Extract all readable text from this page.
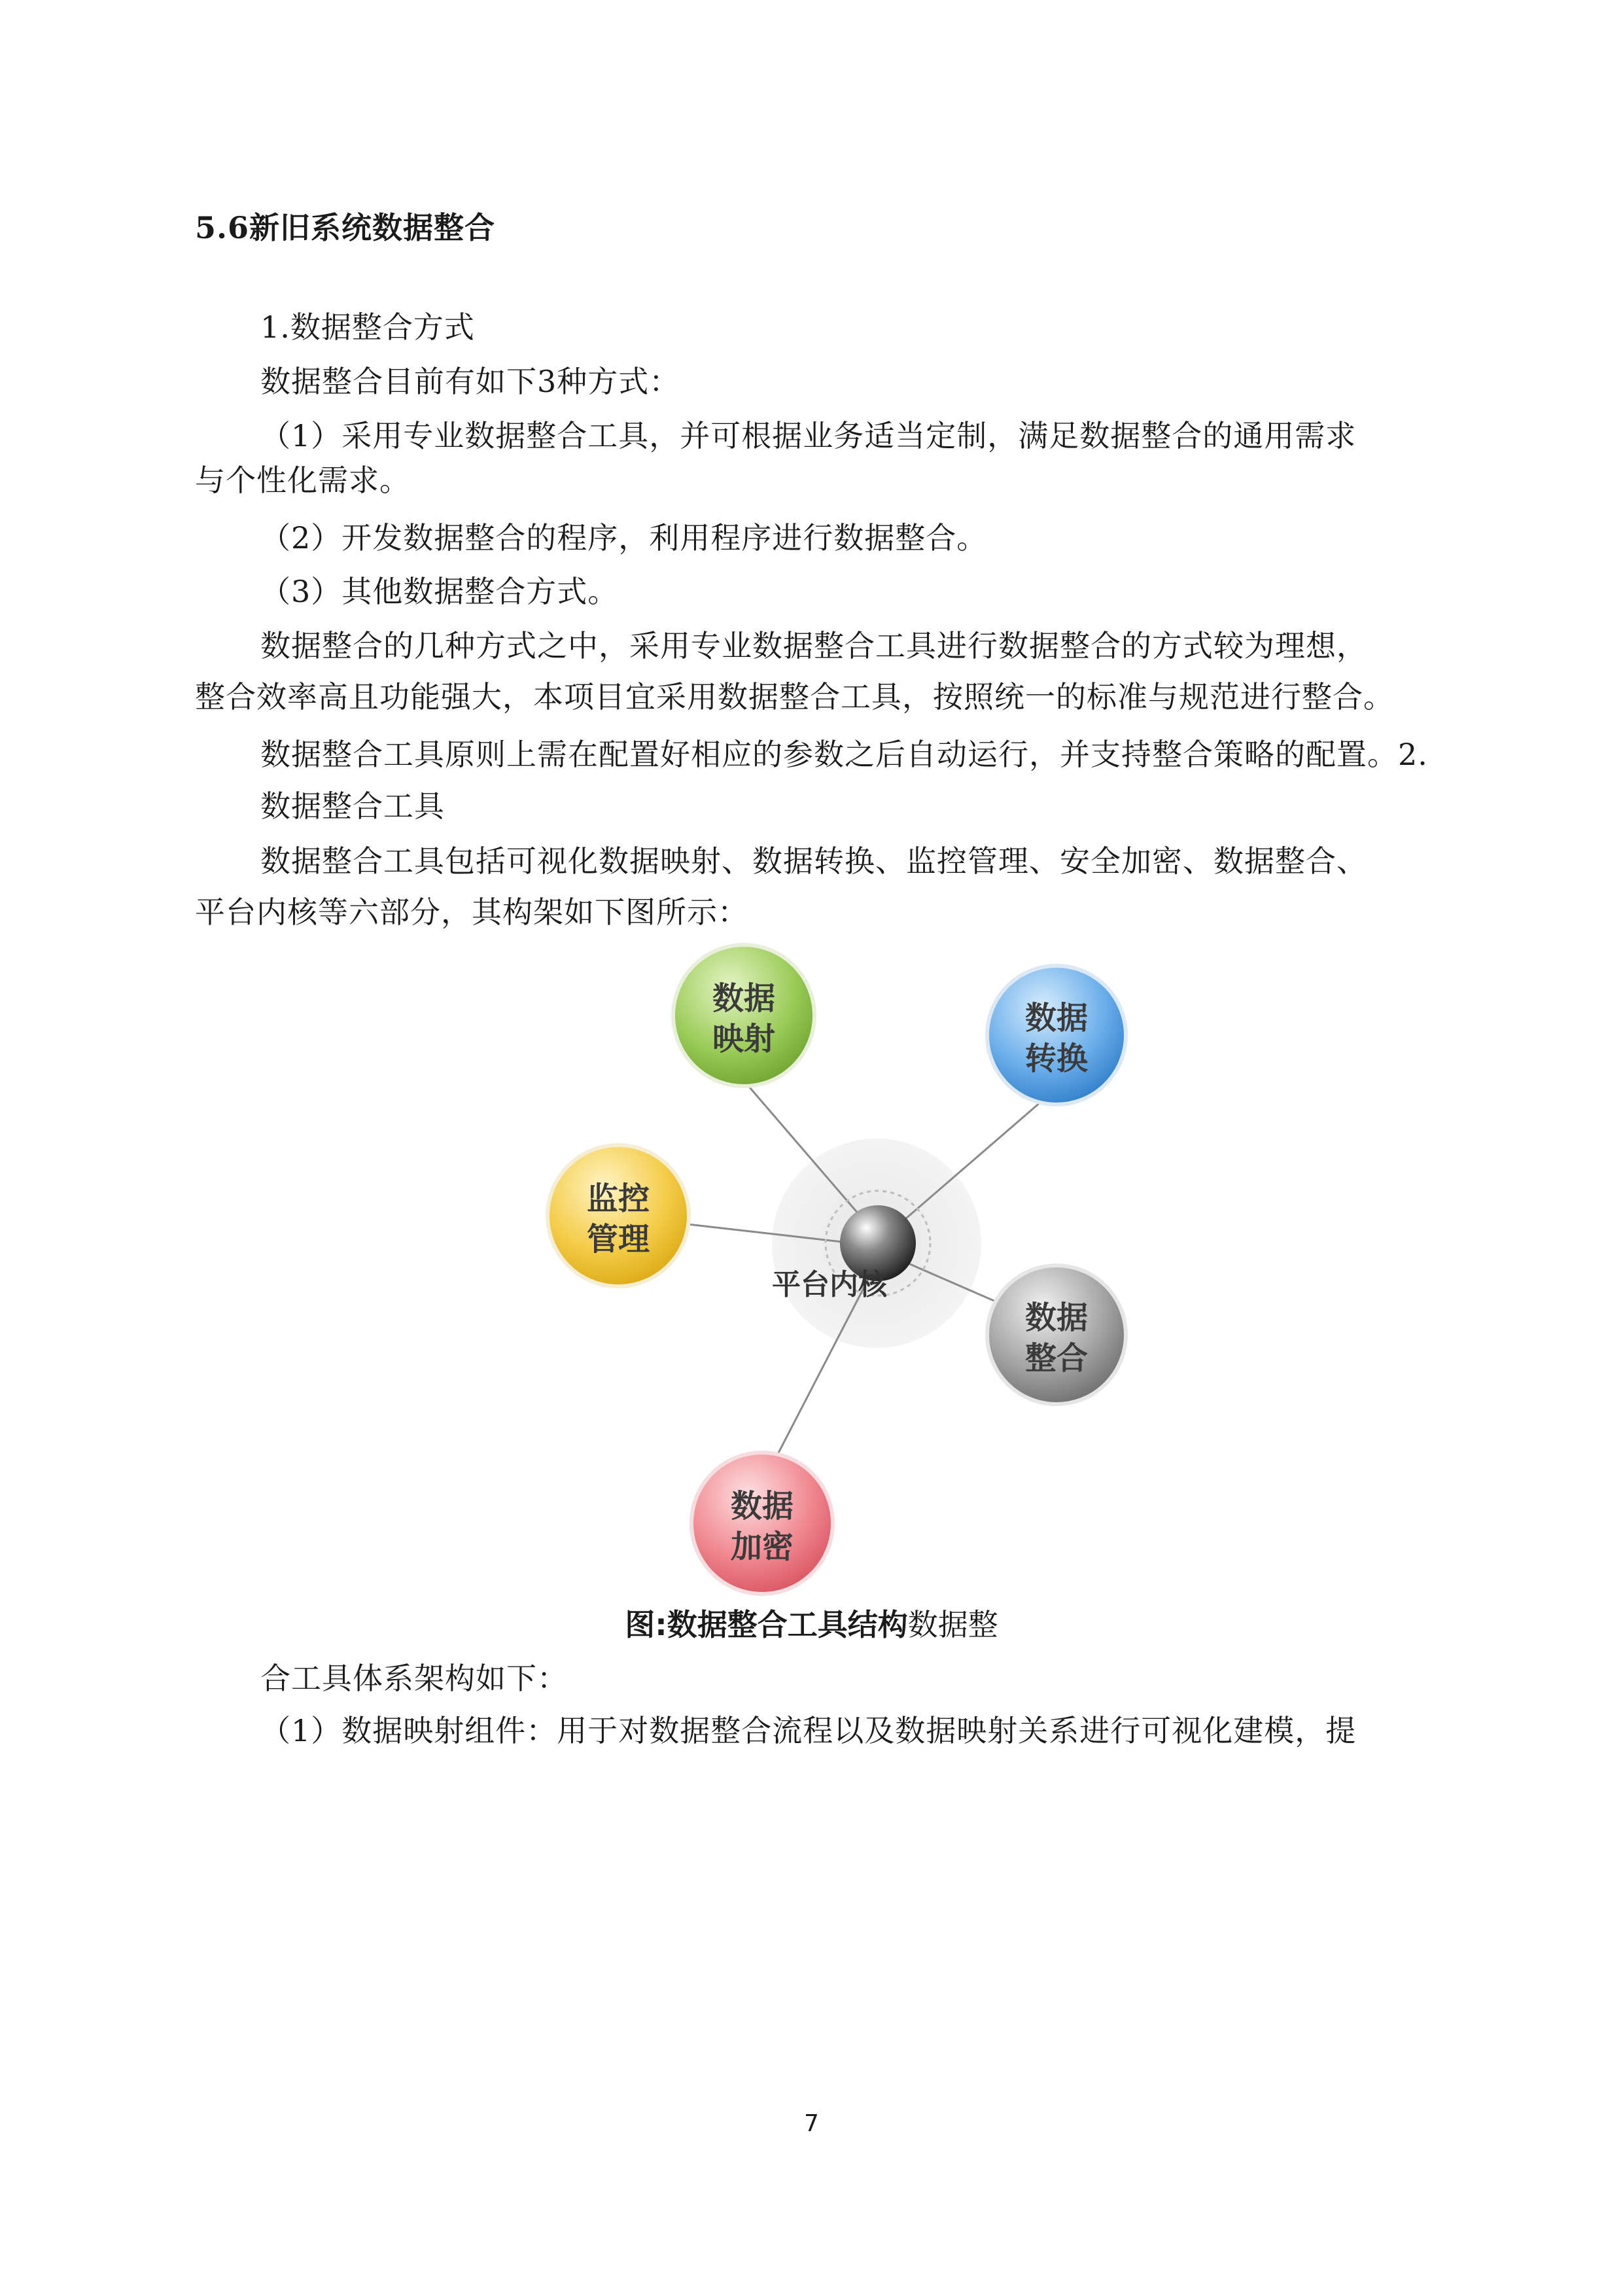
5.6新旧系统数据整合
1.数据整合方式
数据整合目前有如下3种方式：
（1）采用专业数据整合工具，并可根据业务适当定制，满足数据整合的通用需求
与个性化需求。
（2）开发数据整合的程序，利用程序进行数据整合。
（3）其他数据整合方式。
数据整合的几种方式之中，采用专业数据整合工具进行数据整合的方式较为理想，
整合效率高且功能强大，本项目宜采用数据整合工具，按照统一的标准与规范进行整合。
数据整合工具原则上需在配置好相应的参数之后自动运行，并支持整合策略的配置。2.
数据整合工具
数据整合工具包括可视化数据映射、数据转换、监控管理、安全加密、数据整合、
平台内核等六部分，其构架如下图所示：
平台内核
数据
映射
数据
转换
监控
管理
数据
整合
数据
加密
图:数据整合工具结构数据整
合工具体系架构如下：
（1）数据映射组件：用于对数据整合流程以及数据映射关系进行可视化建模，提
7
